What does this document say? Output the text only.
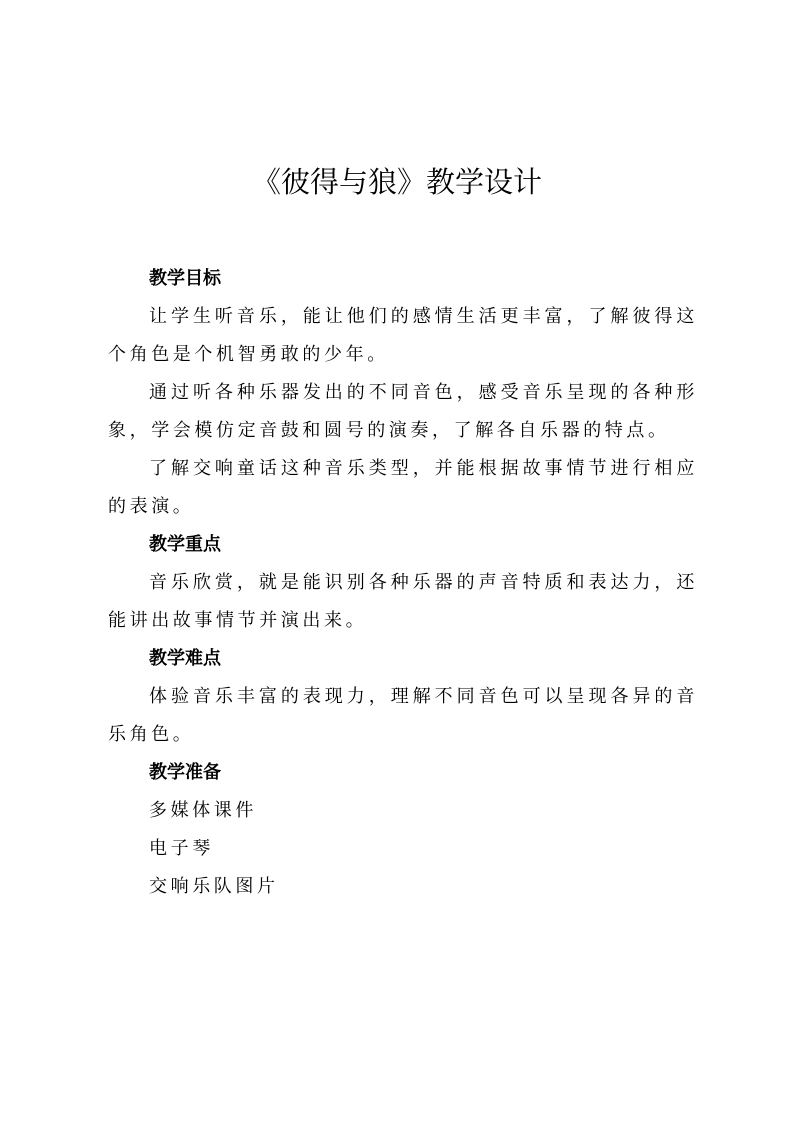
《彼得与狼》教学设计

教学目标

让学生听音乐，能让他们的感情生活更丰富，了解彼得这个角色是个机智勇敢的少年。

通过听各种乐器发出的不同音色，感受音乐呈现的各种形象，学会模仿定音鼓和圆号的演奏，了解各自乐器的特点。

了解交响童话这种音乐类型，并能根据故事情节进行相应的表演。

教学重点

音乐欣赏，就是能识别各种乐器的声音特质和表达力，还能讲出故事情节并演出来。

教学难点

体验音乐丰富的表现力，理解不同音色可以呈现各异的音乐角色。

教学准备

多媒体课件

电子琴

交响乐队图片
